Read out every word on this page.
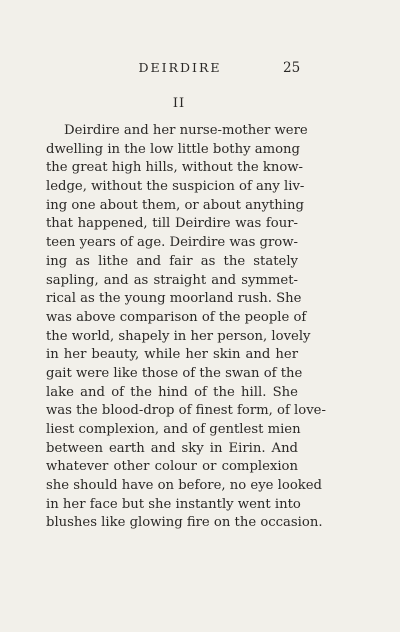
DEIRDIRE	25
II
Deirdire and her nurse-mother were
dwelling in the low little bothy among
the great high hills, without the know-
ledge, without the suspicion of any liv-
ing one about them, or about anything
that happened, till Deirdire was four-
teen years of age. Deirdire was grow-
ing as lithe and fair as the stately
sapling, and as straight and symmet-
rical as the young moorland rush. She
was above comparison of the people of
the world, shapely in her person, lovely
in her beauty, while her skin and her
gait were like those of the swan of the
lake and of the hind of the hill. She
was the blood-drop of finest form, of love-
liest complexion, and of gentlest mien
between earth and sky in Eirin. And
whatever other colour or complexion
she should have on before, no eye looked
in her face but she instantly went into
blushes like glowing fire on the occasion.
